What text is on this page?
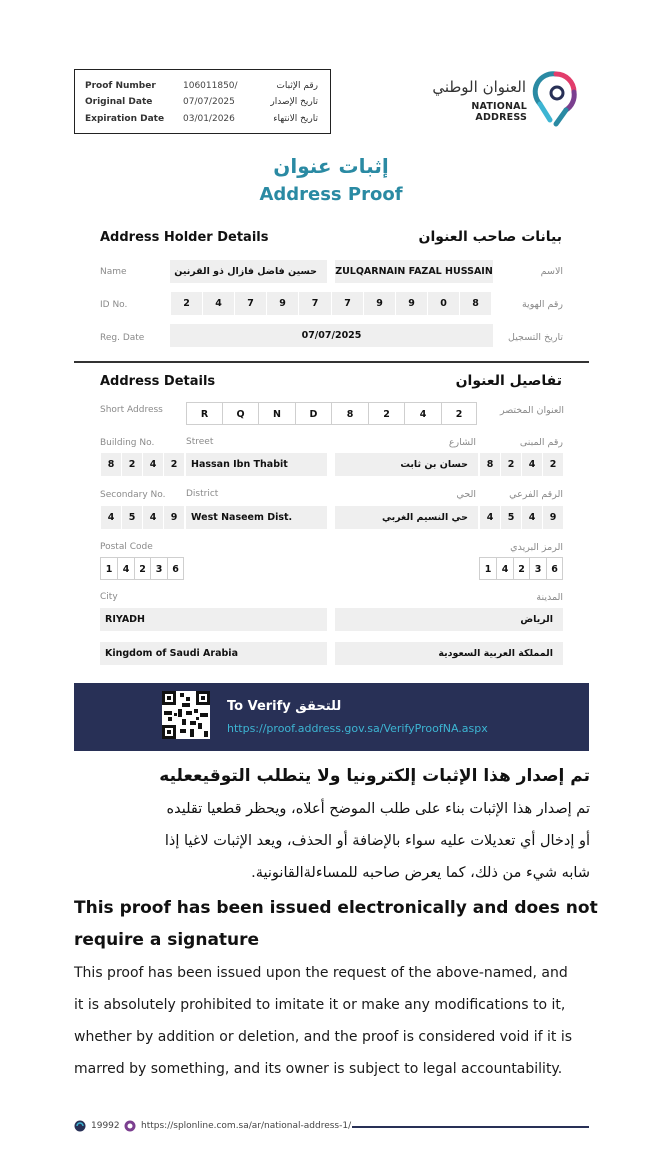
Proof Number	106011850/	رقم الإثبات
Original Date	07/07/2025	تاريخ الإصدار
Expiration Date 03/01/2026	تاريخ الانتهاء
العنوان الوطني
NATIONAL ADDRESS
إثبات عنوان
Address Proof
Address Holder Details	بيانات صاحب العنوان
Name	حسين فاضل فازال ذو القرنين	ZULQARNAIN FAZAL HUSSAIN	الاسم
ID No.	2	4	7	9	7	7	9	9	0	8	رقم الهوية
Reg. Date	07/07/2025	تاريخ التسجيل
Address Details	تفاصيل العنوان
Short Address	R	Q	N	D	8	2	4	2	العنوان المختصر
Building No.	Street	الشارع	رقم المبنى
8	2	4	2	Hassan Ibn Thabit	حسان بن ثابت	8	2	4	2
Secondary No. District	الحي	الرقم الفرعي
4	5	4	9	West Naseem Dist.	حي النسيم الغربي	4	5	4	9
Postal Code	الرمز البريدي
1	4	2	3	6	1	4	2	3	6
City	المدينة
RIYADH	الرياض
Kingdom of Saudi Arabia	المملكة العربية السعودية
To Verify للتحقق
https://proof.address.gov.sa/VerifyProofNA.aspx
تم إصدار هذا الإثبات إلكترونيا ولا يتطلب التوقيععليه
تم إصدار هذا الإثبات بناء على طلب الموضح أعلاه، ويحظر قطعيا تقليده
أو إدخال أي تعديلات عليه سواء بالإضافة أو الحذف، ويعد الإثبات لاغيا إذا
شابه شيء من ذلك، كما يعرض صاحبه للمساءلةالقانونية.
This proof has been issued electronically and does not
require a signature
This proof has been issued upon the request of the above-named, and
it is absolutely prohibited to imitate it or make any modifications to it,
whether by addition or deletion, and the proof is considered void if it is
marred by something, and its owner is subject to legal accountability.
19992 https://splonline.com.sa/ar/national-address-1/
